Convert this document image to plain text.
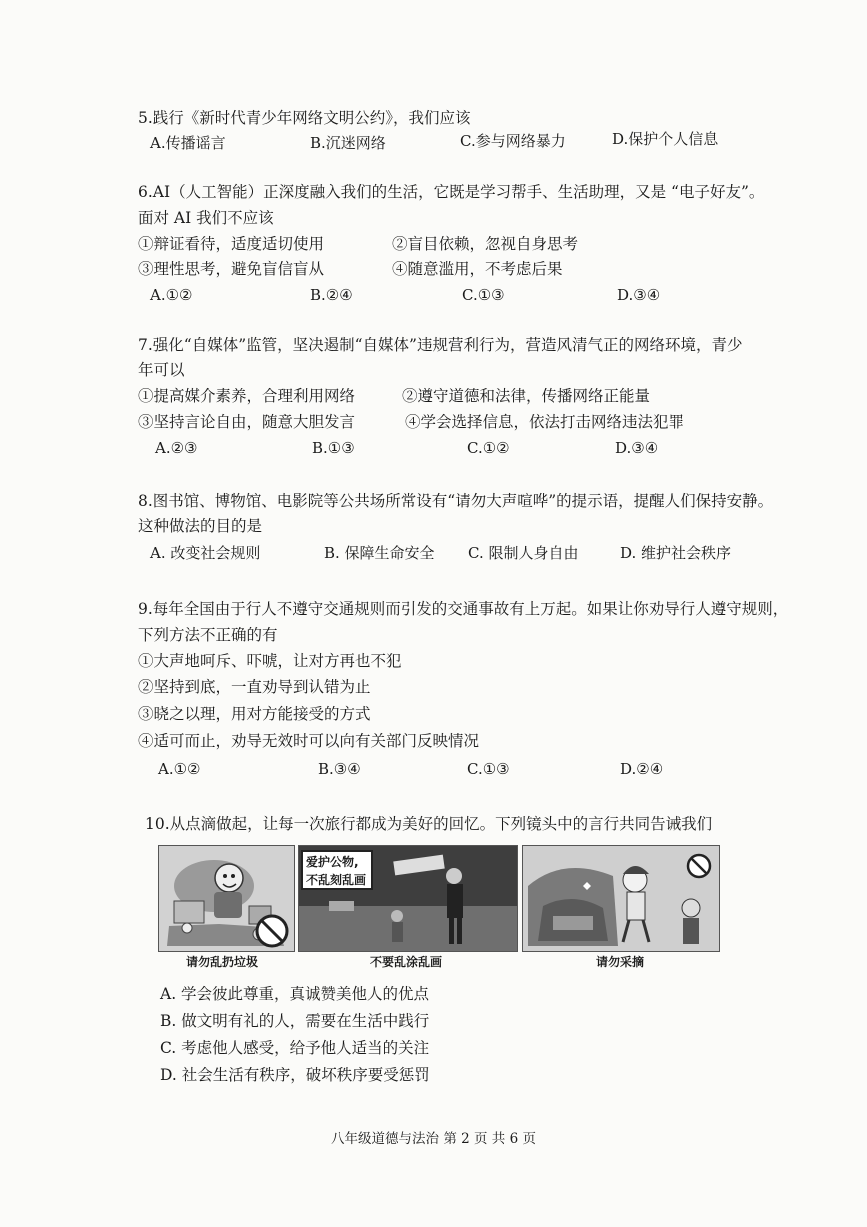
5.践行《新时代青少年网络文明公约》，我们应该
A.传播谣言	B.沉迷网络	C.参与网络暴力	D.保护个人信息
6.AI（人工智能）正深度融入我们的生活，它既是学习帮手、生活助理，又是 “电子好友”。
面对 AI 我们不应该
①辩证看待，适度适切使用	②盲目依赖，忽视自身思考
③理性思考，避免盲信盲从	④随意滥用，不考虑后果
A.①②	B.②④	C.①③	D.③④
7.强化“自媒体”监管，坚决遏制“自媒体”违规营利行为，营造风清气正的网络环境，青少
年可以
①提高媒介素养，合理利用网络	②遵守道德和法律，传播网络正能量
③坚持言论自由，随意大胆发言	④学会选择信息，依法打击网络违法犯罪
A.②③	B.①③	C.①②	D.③④
8.图书馆、博物馆、电影院等公共场所常设有“请勿大声喧哗”的提示语，提醒人们保持安静。
这种做法的目的是
A. 改变社会规则	B. 保障生命安全 C. 限制人身自由	D. 维护社会秩序
9.每年全国由于行人不遵守交通规则而引发的交通事故有上万起。如果让你劝导行人遵守规则，
下列方法不正确的有
①大声地呵斥、吓唬，让对方再也不犯
②坚持到底，一直劝导到认错为止
③晓之以理，用对方能接受的方式
④适可而止，劝导无效时可以向有关部门反映情况
A.①②	B.③④	C.①③	D.②④
10.从点滴做起，让每一次旅行都成为美好的回忆。下列镜头中的言行共同告诫我们
请勿乱扔垃圾
爱护公物,
不乱刻乱画
不要乱涂乱画	请勿采摘
A. 学会彼此尊重，真诚赞美他人的优点
B. 做文明有礼的人，需要在生活中践行
C. 考虑他人感受，给予他人适当的关注
D. 社会生活有秩序，破坏秩序要受惩罚
八年级道德与法治 第 2 页 共 6 页
